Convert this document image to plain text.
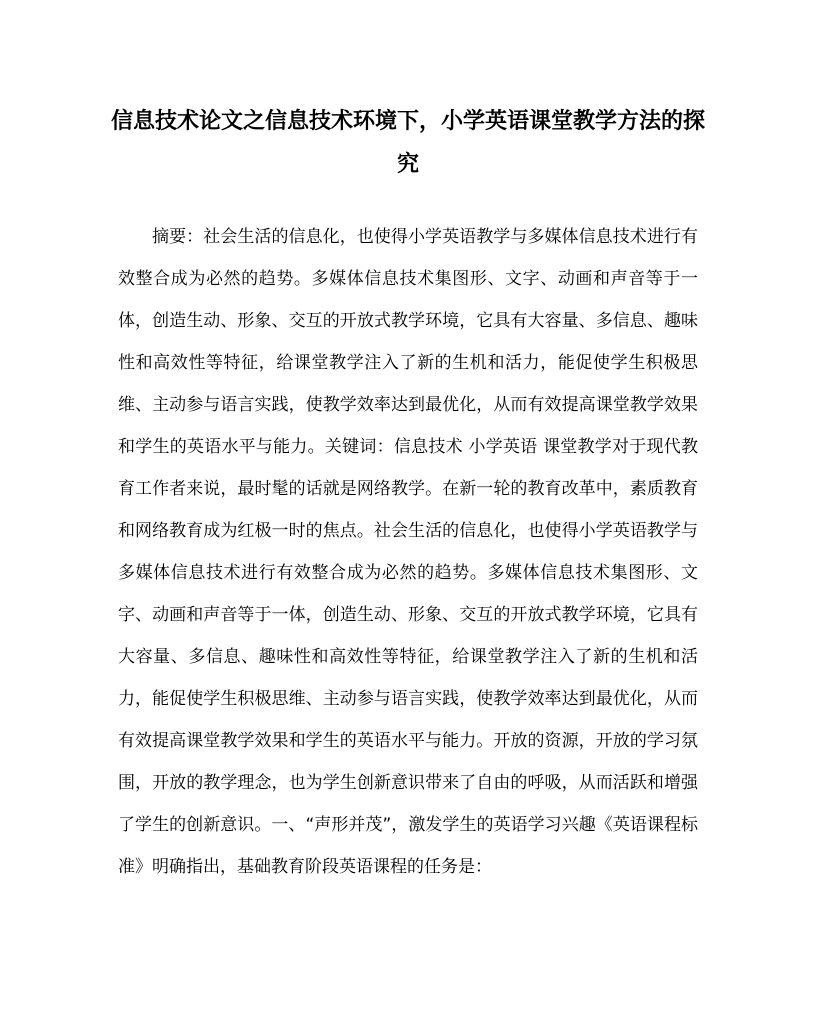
信息技术论文之信息技术环境下，小学英语课堂教学方法的探究

摘要：社会生活的信息化，也使得小学英语教学与多媒体信息技术进行有效整合成为必然的趋势。多媒体信息技术集图形、文字、动画和声音等于一体，创造生动、形象、交互的开放式教学环境，它具有大容量、多信息、趣味性和高效性等特征，给课堂教学注入了新的生机和活力，能促使学生积极思维、主动参与语言实践，使教学效率达到最优化，从而有效提高课堂教学效果和学生的英语水平与能力。关键词：信息技术 小学英语 课堂教学对于现代教育工作者来说，最时髦的话就是网络教学。在新一轮的教育改革中，素质教育和网络教育成为红极一时的焦点。社会生活的信息化，也使得小学英语教学与多媒体信息技术进行有效整合成为必然的趋势。多媒体信息技术集图形、文字、动画和声音等于一体，创造生动、形象、交互的开放式教学环境，它具有大容量、多信息、趣味性和高效性等特征，给课堂教学注入了新的生机和活力，能促使学生积极思维、主动参与语言实践，使教学效率达到最优化，从而有效提高课堂教学效果和学生的英语水平与能力。开放的资源，开放的学习氛围，开放的教学理念，也为学生创新意识带来了自由的呼吸，从而活跃和增强了学生的创新意识。一、“声形并茂”，激发学生的英语学习兴趣《英语课程标准》明确指出，基础教育阶段英语课程的任务是：
